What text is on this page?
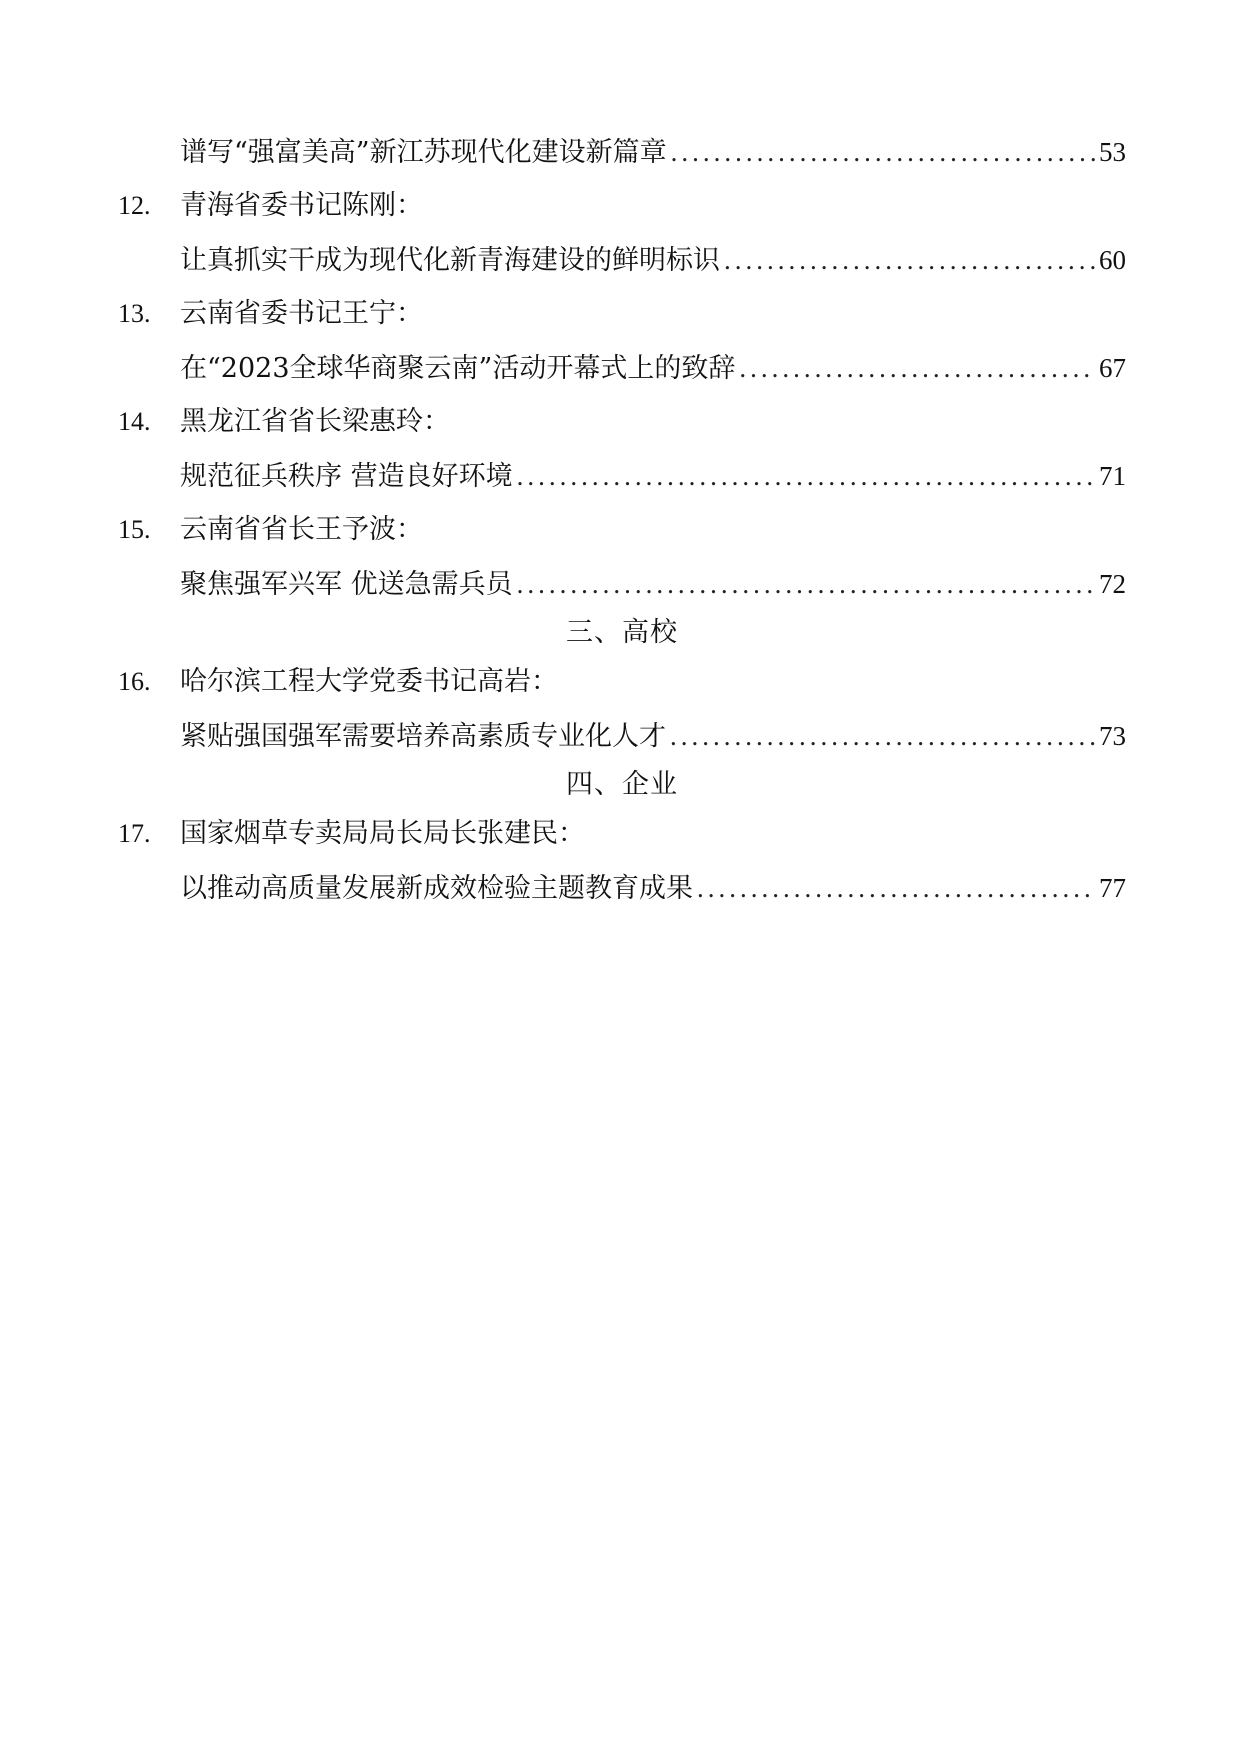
谱写“强富美高”新江苏现代化建设新篇章 .....	53
12.	青海省委书记陈刚：
让真抓实干成为现代化新青海建设的鲜明标识 .....	60
13.	云南省委书记王宁：
在“2023全球华商聚云南”活动开幕式上的致辞 .....	67
14.	黑龙江省省长梁惠玲：
规范征兵秩序 营造良好环境 .....	71
15.	云南省省长王予波：
聚焦强军兴军 优送急需兵员 .....	72
三、高校
16.	哈尔滨工程大学党委书记高岩：
紧贴强国强军需要培养高素质专业化人才 .....	73
四、企业
17.	国家烟草专卖局局长局长张建民：
以推动高质量发展新成效检验主题教育成果 .....	77
